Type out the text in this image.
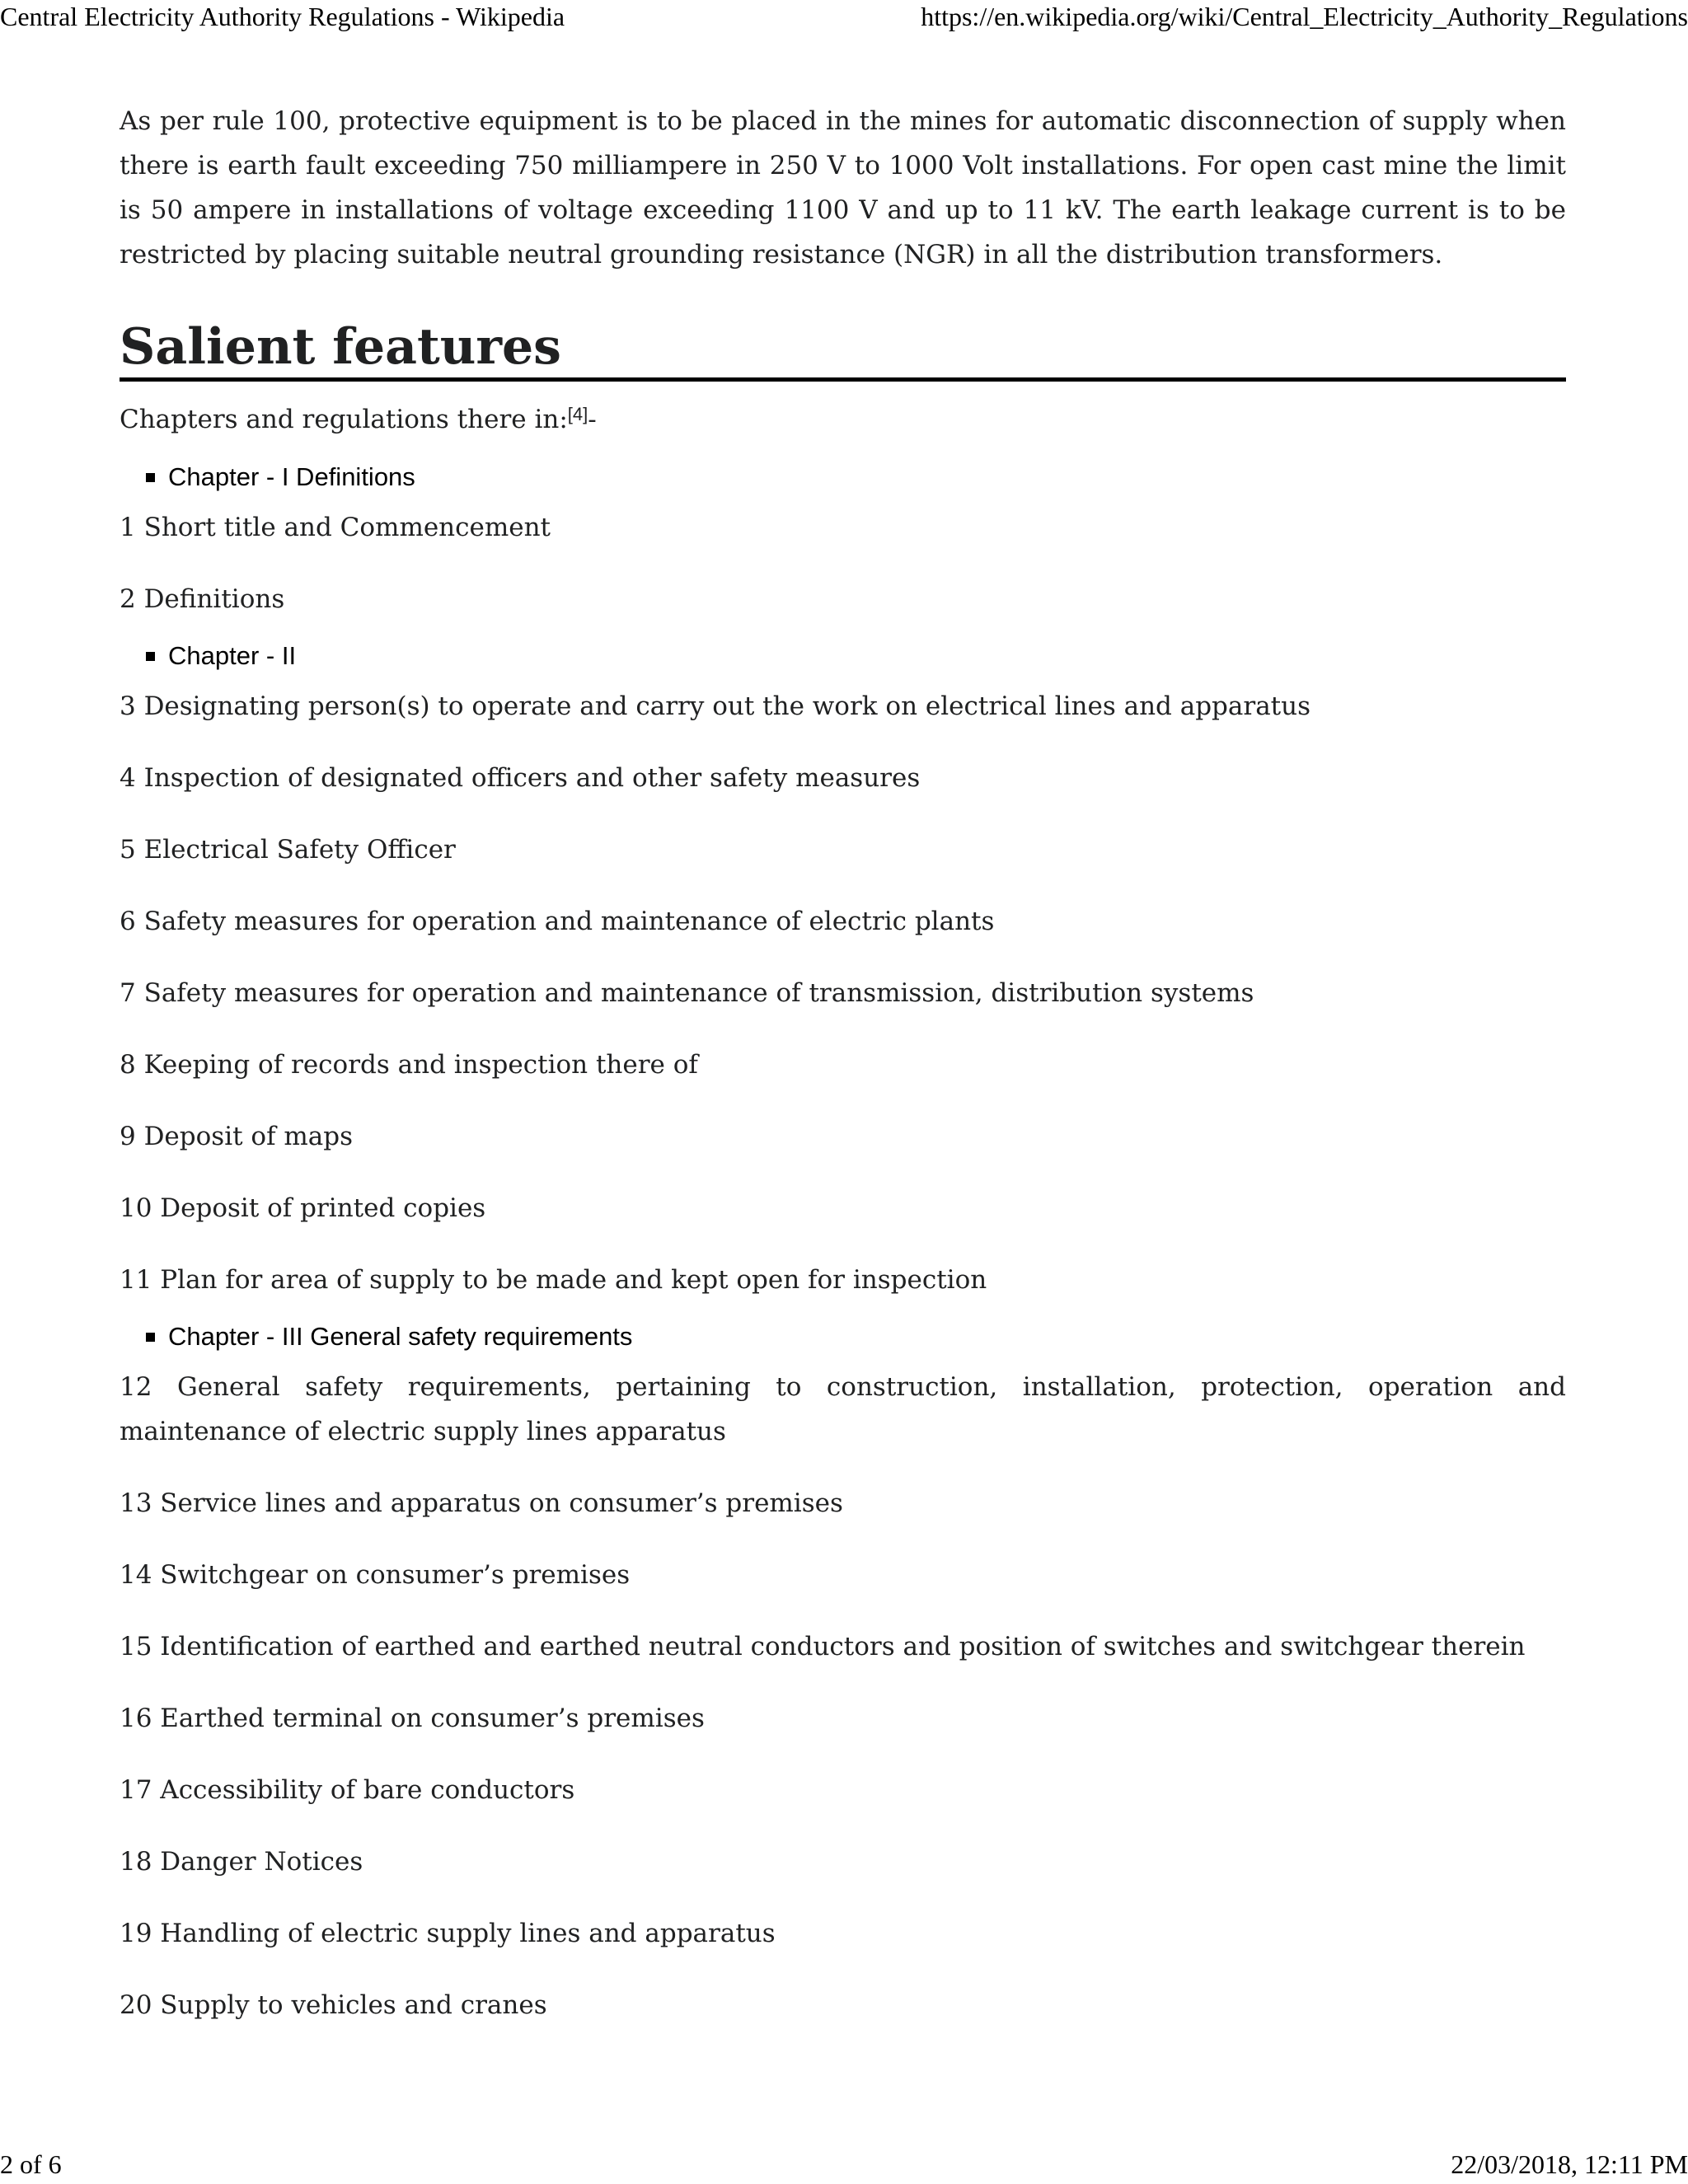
Central Electricity Authority Regulations - Wikipedia	https://en.wikipedia.org/wiki/Central_Electricity_Authority_Regulations

As per rule 100, protective equipment is to be placed in the mines for automatic disconnection of supply when there is earth fault exceeding 750 milliampere in 250 V to 1000 Volt installations. For open cast mine the limit is 50 ampere in installations of voltage exceeding 1100 V and up to 11 kV. The earth leakage current is to be restricted by placing suitable neutral grounding resistance (NGR) in all the distribution transformers.

Salient features

Chapters and regulations there in:[4]-

Chapter - I Definitions

1 Short title and Commencement

2 Definitions

Chapter - II

3 Designating person(s) to operate and carry out the work on electrical lines and apparatus

4 Inspection of designated officers and other safety measures

5 Electrical Safety Officer

6 Safety measures for operation and maintenance of electric plants

7 Safety measures for operation and maintenance of transmission, distribution systems

8 Keeping of records and inspection there of

9 Deposit of maps

10 Deposit of printed copies

11 Plan for area of supply to be made and kept open for inspection

Chapter - III General safety requirements

12 General safety requirements, pertaining to construction, installation, protection, operation and maintenance of electric supply lines apparatus

13 Service lines and apparatus on consumer’s premises

14 Switchgear on consumer’s premises

15 Identification of earthed and earthed neutral conductors and position of switches and switchgear therein

16 Earthed terminal on consumer’s premises

17 Accessibility of bare conductors

18 Danger Notices

19 Handling of electric supply lines and apparatus

20 Supply to vehicles and cranes

2 of 6	22/03/2018, 12:11 PM
